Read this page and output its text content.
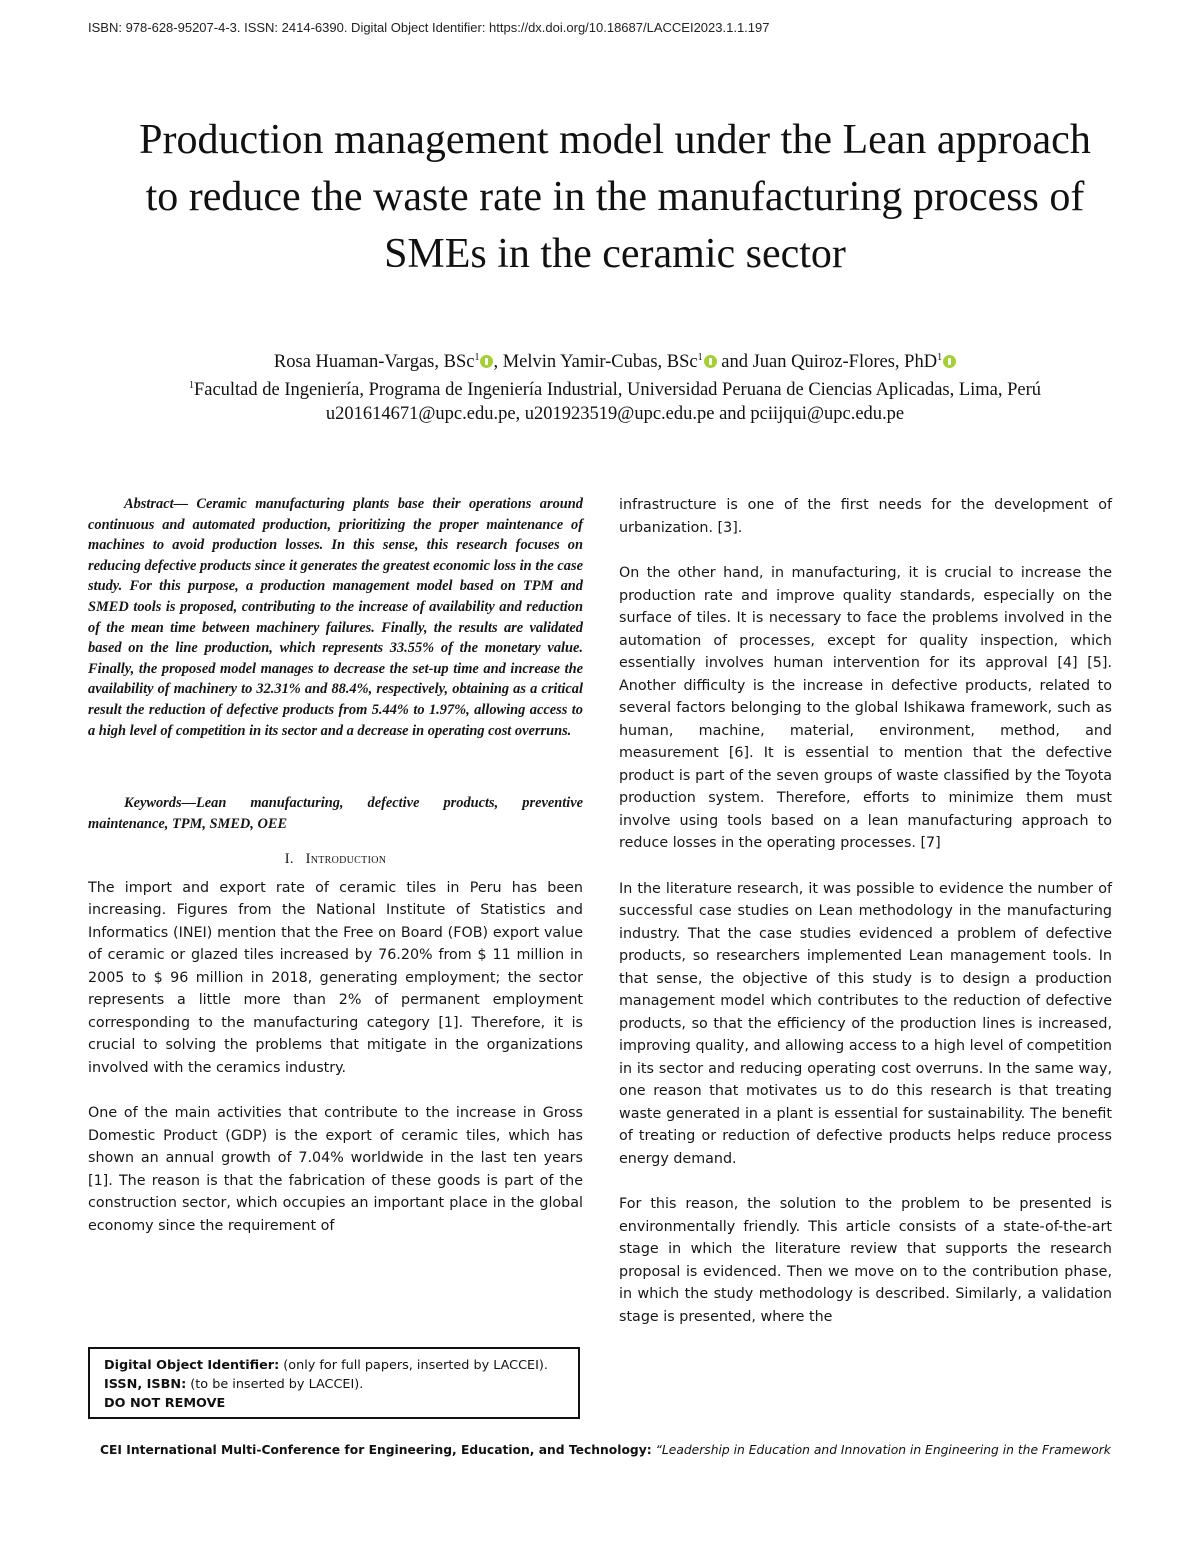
ISBN: 978-628-95207-4-3. ISSN: 2414-6390. Digital Object Identifier: https://dx.doi.org/10.18687/LACCEI2023.1.1.197
Production management model under the Lean approach to reduce the waste rate in the manufacturing process of SMEs in the ceramic sector
Rosa Huaman-Vargas, BSc$^1$ , Melvin Yamir-Cubas, BSc$^1$ and Juan Quiroz-Flores, PhD$^1$
$^1$Facultad de Ingeniería, Programa de Ingeniería Industrial, Universidad Peruana de Ciencias Aplicadas, Lima, Perú
u201614671@upc.edu.pe, u201923519@upc.edu.pe and pciijqui@upc.edu.pe

Abstract— Ceramic manufacturing plants base their operations around continuous and automated production, prioritizing the proper maintenance of machines to avoid production losses. In this sense, this research focuses on reducing defective products since it generates the greatest economic loss in the case study. For this purpose, a production management model based on TPM and SMED tools is proposed, contributing to the increase of availability and reduction of the mean time between machinery failures. Finally, the results are validated based on the line production, which represents 33.55% of the monetary value. Finally, the proposed model manages to decrease the set-up time and increase the availability of machinery to 32.31% and 88.4%, respectively, obtaining as a critical result the reduction of defective products from 5.44% to 1.97%, allowing access to a high level of competition in its sector and a decrease in operating cost overruns.

Keywords—Lean manufacturing, defective products, preventive maintenance, TPM, SMED, OEE

I. Introduction

The import and export rate of ceramic tiles in Peru has been increasing. Figures from the National Institute of Statistics and Informatics (INEI) mention that the Free on Board (FOB) export value of ceramic or glazed tiles increased by 76.20% from $ 11 million in 2005 to $ 96 million in 2018, generating employment; the sector represents a little more than 2% of permanent employment corresponding to the manufacturing category [1]. Therefore, it is crucial to solving the problems that mitigate in the organizations involved with the ceramics industry.

One of the main activities that contribute to the increase in Gross Domestic Product (GDP) is the export of ceramic tiles, which has shown an annual growth of 7.04% worldwide in the last ten years [1]. The reason is that the fabrication of these goods is part of the construction sector, which occupies an important place in the global economy since the requirement of

infrastructure is one of the first needs for the development of urbanization. [3].

On the other hand, in manufacturing, it is crucial to increase the production rate and improve quality standards, especially on the surface of tiles. It is necessary to face the problems involved in the automation of processes, except for quality inspection, which essentially involves human intervention for its approval [4] [5]. Another difficulty is the increase in defective products, related to several factors belonging to the global Ishikawa framework, such as human, machine, material, environment, method, and measurement [6]. It is essential to mention that the defective product is part of the seven groups of waste classified by the Toyota production system. Therefore, efforts to minimize them must involve using tools based on a lean manufacturing approach to reduce losses in the operating processes. [7]

In the literature research, it was possible to evidence the number of successful case studies on Lean methodology in the manufacturing industry. That the case studies evidenced a problem of defective products, so researchers implemented Lean management tools. In that sense, the objective of this study is to design a production management model which contributes to the reduction of defective products, so that the efficiency of the production lines is increased, improving quality, and allowing access to a high level of competition in its sector and reducing operating cost overruns. In the same way, one reason that motivates us to do this research is that treating waste generated in a plant is essential for sustainability. The benefit of treating or reduction of defective products helps reduce process energy demand.

For this reason, the solution to the problem to be presented is environmentally friendly. This article consists of a state-of-the-art stage in which the literature review that supports the research proposal is evidenced. Then we move on to the contribution phase, in which the study methodology is described. Similarly, a validation stage is presented, where the

Digital Object Identifier: (only for full papers, inserted by LACCEI).
ISSN, ISBN: (to be inserted by LACCEI).
DO NOT REMOVE
CEI International Multi-Conference for Engineering, Education, and Technology: “Leadership in Education and Innovation in Engineering in the Framework
